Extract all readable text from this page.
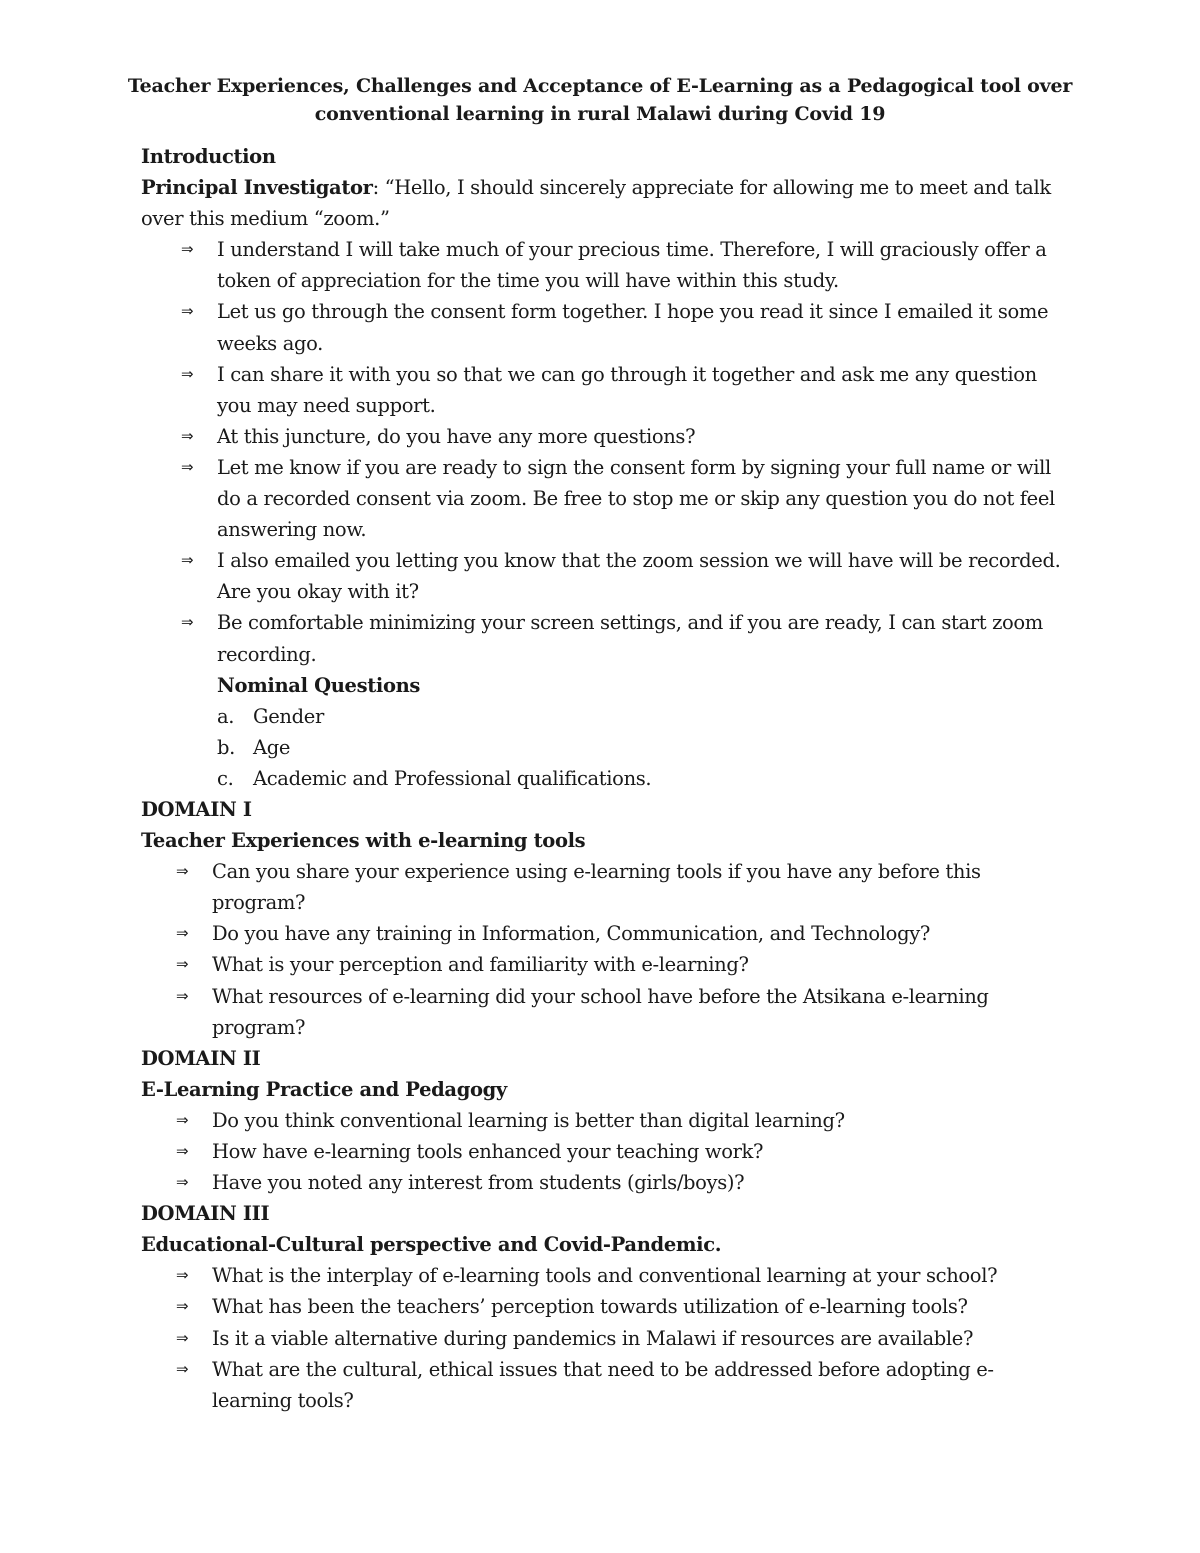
Teacher Experiences, Challenges and Acceptance of E-Learning as a Pedagogical tool over
conventional learning in rural Malawi during Covid 19

Introduction

Principal Investigator: “Hello, I should sincerely appreciate for allowing me to meet and talk over this medium “zoom.”

⇒	I understand I will take much of your precious time. Therefore, I will graciously offer a token of appreciation for the time you will have within this study.
⇒	Let us go through the consent form together. I hope you read it since I emailed it some weeks ago.
⇒	I can share it with you so that we can go through it together and ask me any question you may need support.
⇒	At this juncture, do you have any more questions?
⇒	Let me know if you are ready to sign the consent form by signing your full name or will do a recorded consent via zoom. Be free to stop me or skip any question you do not feel answering now.
⇒	I also emailed you letting you know that the zoom session we will have will be recorded. Are you okay with it?
⇒	Be comfortable minimizing your screen settings, and if you are ready, I can start zoom recording.

Nominal Questions

a. Gender
b. Age
c. Academic and Professional qualifications.

DOMAIN I

Teacher Experiences with e-learning tools

⇒	Can you share your experience using e-learning tools if you have any before this program?
⇒	Do you have any training in Information, Communication, and Technology?
⇒	What is your perception and familiarity with e-learning?
⇒	What resources of e-learning did your school have before the Atsikana e-learning program?

DOMAIN II

E-Learning Practice and Pedagogy

⇒	Do you think conventional learning is better than digital learning?
⇒	How have e-learning tools enhanced your teaching work?
⇒	Have you noted any interest from students (girls/boys)?

DOMAIN III

Educational-Cultural perspective and Covid-Pandemic.

⇒	What is the interplay of e-learning tools and conventional learning at your school?
⇒	What has been the teachers’ perception towards utilization of e-learning tools?
⇒	Is it a viable alternative during pandemics in Malawi if resources are available?
⇒	What are the cultural, ethical issues that need to be addressed before adopting e-learning tools?
